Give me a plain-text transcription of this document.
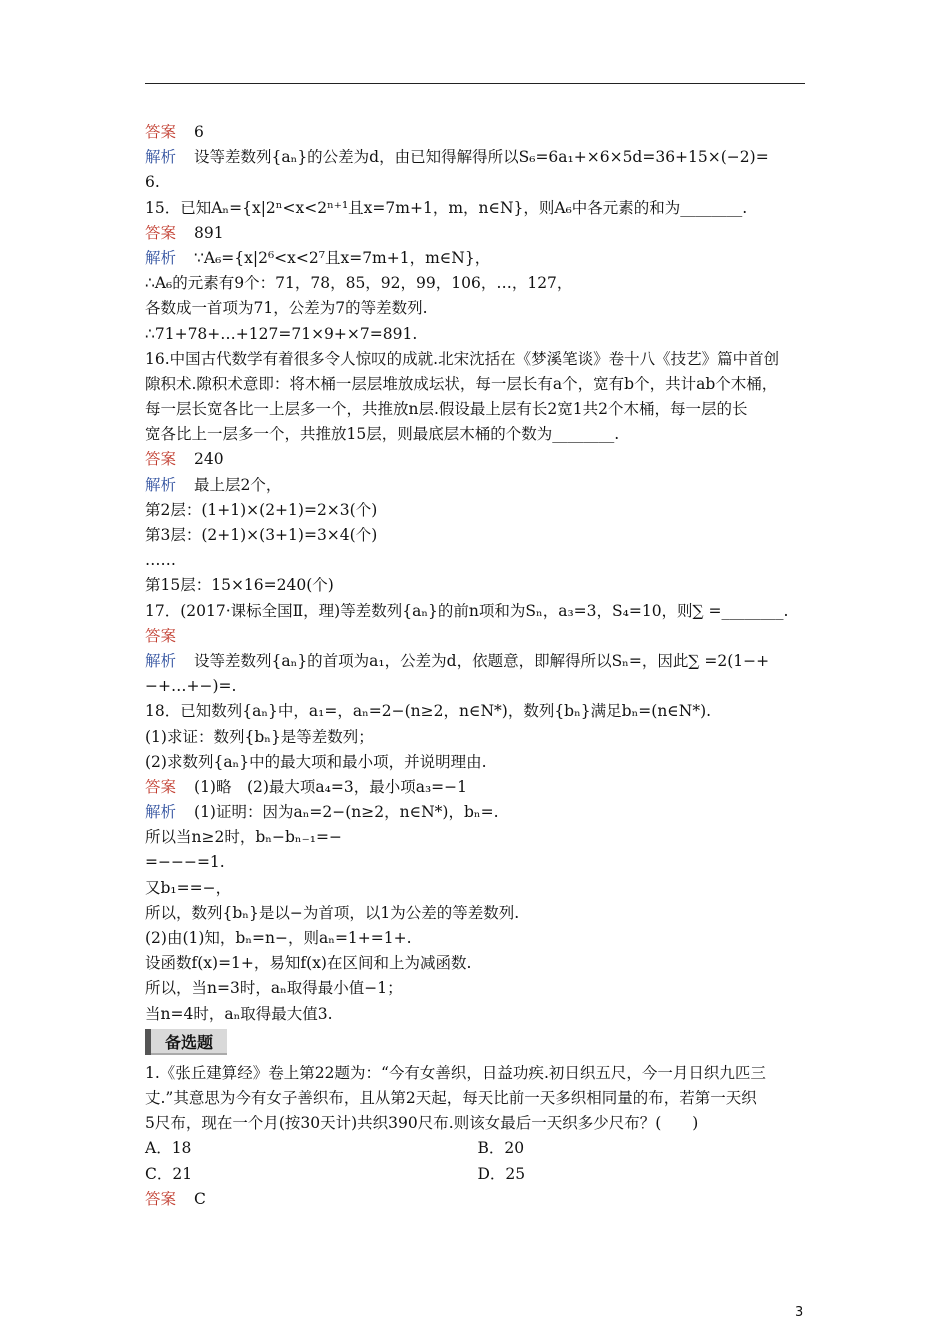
答案 6
解析 设等差数列{aₙ}的公差为d，由已知得解得所以S₆=6a₁+×6×5d=36+15×(−2)=
6.
15．已知Aₙ={x|2ⁿ<x<2ⁿ⁺¹且x=7m+1，m，n∈N}，则A₆中各元素的和为________.
答案 891
解析 ∵A₆={x|2⁶<x<2⁷且x=7m+1，m∈N}，
∴A₆的元素有9个：71，78，85，92，99，106，…，127，
各数成一首项为71，公差为7的等差数列.
∴71+78+…+127=71×9+×7=891.
16.中国古代数学有着很多令人惊叹的成就.北宋沈括在《梦溪笔谈》卷十八《技艺》篇中首创
隙积术.隙积术意即：将木桶一层层堆放成坛状，每一层长有a个，宽有b个，共计ab个木桶，
每一层长宽各比一上层多一个，共推放n层.假设最上层有长2宽1共2个木桶，每一层的长
宽各比上一层多一个，共推放15层，则最底层木桶的个数为________.
答案 240
解析 最上层2个，
第2层：(1+1)×(2+1)=2×3(个)
第3层：(2+1)×(3+1)=3×4(个)
……
第15层：15×16=240(个)
17．(2017·课标全国Ⅱ，理)等差数列{aₙ}的前n项和为Sₙ，a₃=3，S₄=10，则∑ =________.
答案
解析 设等差数列{aₙ}的首项为a₁，公差为d，依题意，即解得所以Sₙ=，因此∑ =2(1−+
−+…+−)=.
18．已知数列{aₙ}中，a₁=，aₙ=2−(n≥2，n∈N*)，数列{bₙ}满足bₙ=(n∈N*).
(1)求证：数列{bₙ}是等差数列；
(2)求数列{aₙ}中的最大项和最小项，并说明理由.
答案 (1)略　(2)最大项a₄=3，最小项a₃=−1
解析 (1)证明：因为aₙ=2−(n≥2，n∈N*)，bₙ=.
所以当n≥2时，bₙ−bₙ₋₁=−
=−−−=1.
又b₁==−，
所以，数列{bₙ}是以−为首项，以1为公差的等差数列.
(2)由(1)知，bₙ=n−，则aₙ=1+=1+.
设函数f(x)=1+，易知f(x)在区间和上为减函数.
所以，当n=3时，aₙ取得最小值−1；
当n=4时，aₙ取得最大值3.
备选题
1.《张丘建算经》卷上第22题为：“今有女善织，日益功疾.初日织五尺，今一月日织九匹三
丈.”其意思为今有女子善织布，且从第2天起，每天比前一天多织相同量的布，若第一天织
5尺布，现在一个月(按30天计)共织390尺布.则该女最后一天织多少尺布？(　　)
A．18	B．20
C．21	D．25
答案 C
3
